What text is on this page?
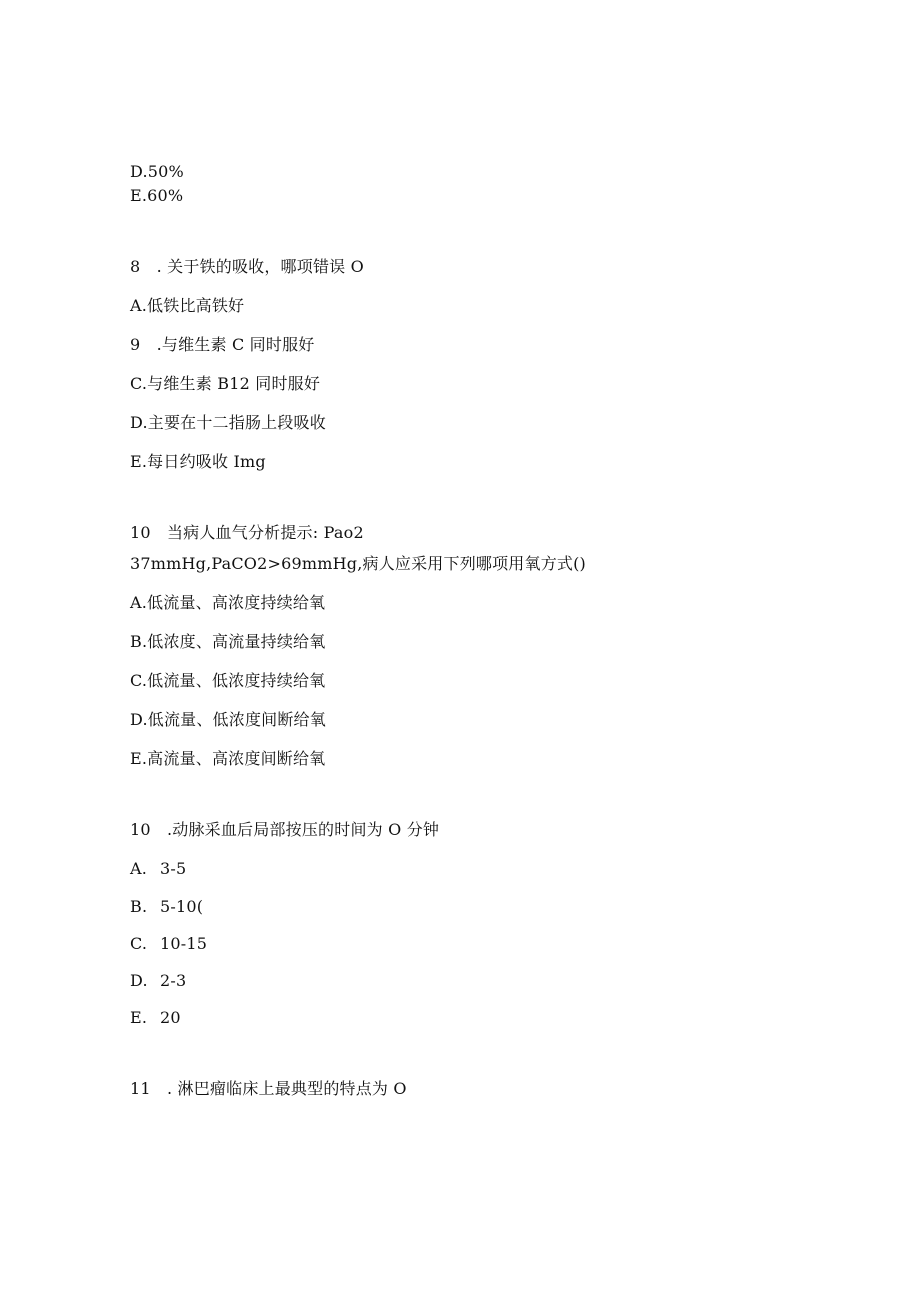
D.50%
E.60%
8　. 关于铁的吸收，哪项错误 O
A.低铁比高铁好
9　.与维生素 C 同时服好
C.与维生素 B12 同时服好
D.主要在十二指肠上段吸收
E.每日约吸收 Img
10　当病人血气分析提示: Pao2
37mmHg,PaCO2>69mmHg,病人应采用下列哪项用氧方式()
A.低流量、高浓度持续给氧
B.低浓度、高流量持续给氧
C.低流量、低浓度持续给氧
D.低流量、低浓度间断给氧
E.高流量、高浓度间断给氧
10　.动脉采血后局部按压的时间为 O 分钟
A. 3-5
B. 5-10(
C. 10-15
D. 2-3
E. 20
11　. 淋巴瘤临床上最典型的特点为 O
